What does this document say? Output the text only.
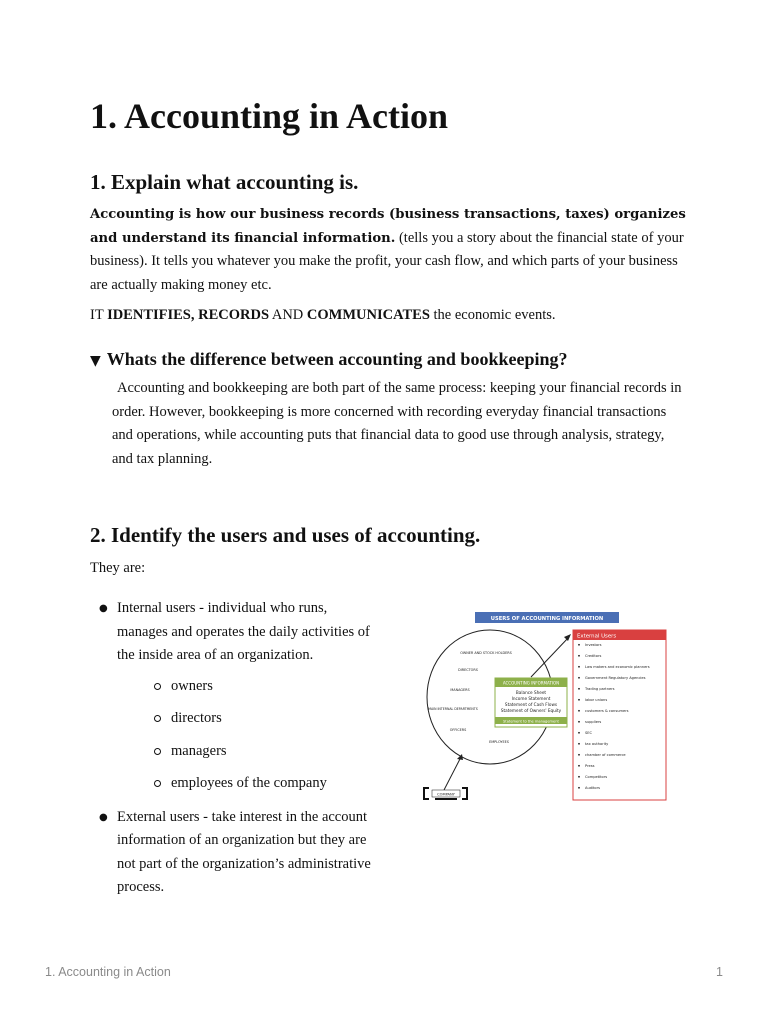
1. Accounting in Action
1. Explain what accounting is.

Accounting is how our business records (business transactions, taxes) organizes and understand its financial information. (tells you a story about the financial state of your business). It tells you whatever you make the profit, your cash flow, and which parts of your business are actually making money etc.

IT IDENTIFIES, RECORDS AND COMMUNICATES the economic events.

▼ Whats the difference between accounting and bookkeeping?

Accounting and bookkeeping are both part of the same process: keeping your financial records in order. However, bookkeeping is more concerned with recording everyday financial transactions and operations, while accounting puts that financial data to good use through analysis, strategy, and tax planning.

2. Identify the users and uses of accounting.

They are:

● Internal users - individual who runs, manages and operates the daily activities of the inside area of an organization.
owners
directors
managers
employees of the company
● External users - take interest in the account information of an organization but they are not part of the organization’s administrative process.
USERS OF ACCOUNTING INFORMATION
OWNER AND STOCK HOLDERS
DIRECTORS
MANAGERS
MAIN INTERNAL DEPARTMENTS
OFFICERS
EMPLOYEES
ACCOUNTING INFORMATION
Balance Sheet
Income Statement
Statement of Cash Flows
Statement of Owners' Equity
Statement to the management
COMPANY
External Users
Investors
Creditors
Law makers and economic planners
Government Regulatory Agencies
Trading partners
labor unions
customers & consumers
suppliers
SEC
tax authority
chamber of commerce
Press
Competitors
Auditors

1. Accounting in Action	1
